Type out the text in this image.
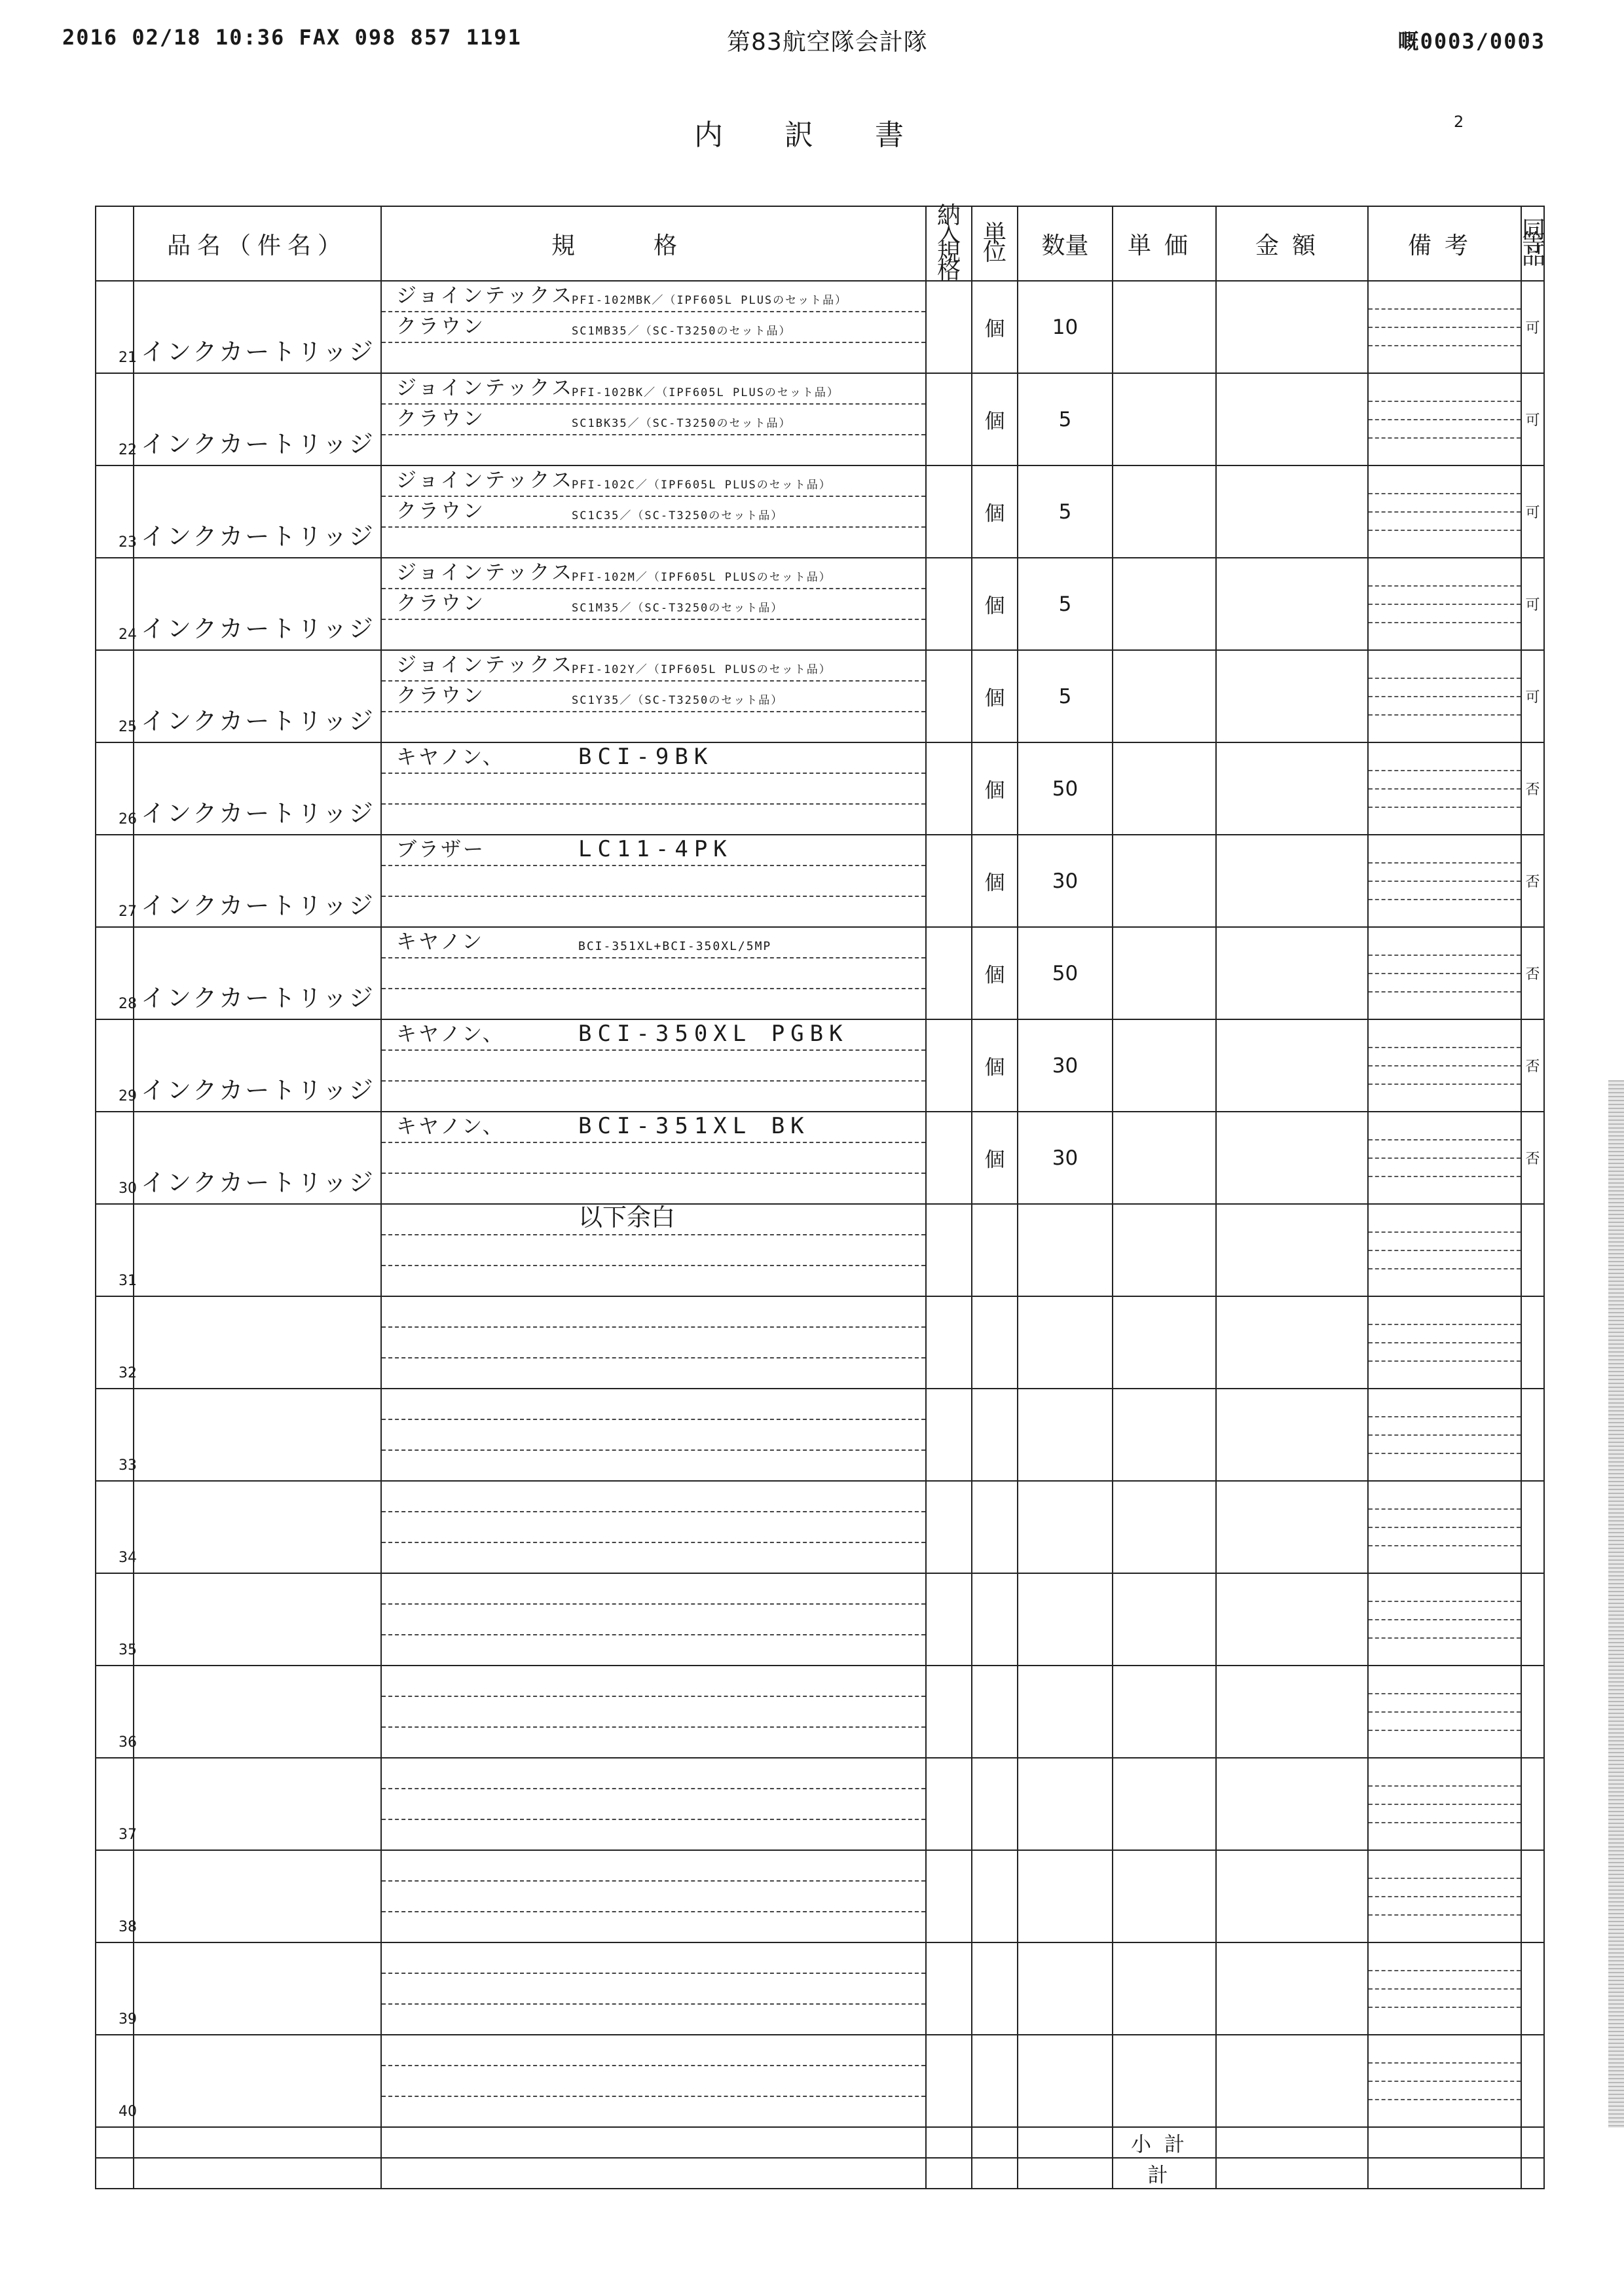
2016 02/18 10:36 FAX 098 857 1191	第83航空隊会計隊	嘅0003/0003
内 訳 書	2
	品名（件名）	規格	納入規格	単位	数量	単価	金額	備考	同等品

21	インクカートリッジ	ジョインテックス
PFI-102MBK／（IPF605L PLUSのセット品）
クラウン SC1MB35／（SC-T3250のセット品）		個	10				可

22	インクカートリッジ	ジョインテックス
PFI-102BK／（IPF605L PLUSのセット品）
クラウン SC1BK35／（SC-T3250のセット品）		個	5				可

23	インクカートリッジ	ジョインテックス
PFI-102C／（IPF605L PLUSのセット品）
クラウン SC1C35／（SC-T3250のセット品）		個	5				可

24	インクカートリッジ	ジョインテックス
PFI-102M／（IPF605L PLUSのセット品）
クラウン SC1M35／（SC-T3250のセット品）		個	5				可

25	インクカートリッジ	ジョインテックス
PFI-102Y／（IPF605L PLUSのセット品）
クラウン SC1Y35／（SC-T3250のセット品）		個	5				可

26	インクカートリッジ	キヤノン、 BCI-9BK		個	50				否

27	インクカートリッジ	ブラザー LC11-4PK		個	30				否

28	インクカートリッジ	キヤノン BCI-351XL+BCI-350XL/5MP		個	50				否

29	インクカートリッジ	キヤノン、 BCI-350XL PGBK		個	30				否

30	インクカートリッジ	キヤノン、 BCI-351XL BK		個	30				否

31		以下余白							

32									

33									

34									

35									

36									

37									

38									

39									

40									

						小計			
						計			
